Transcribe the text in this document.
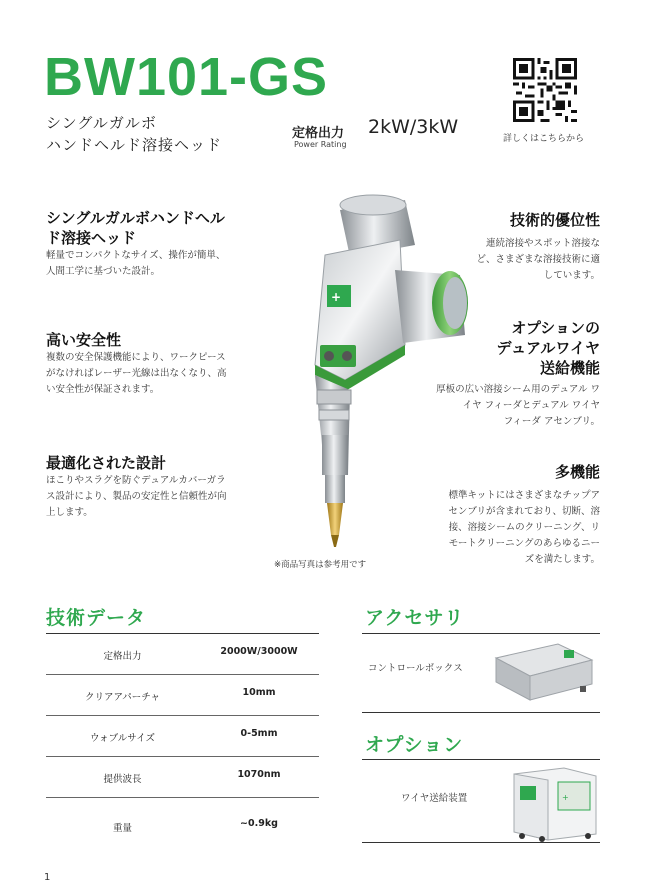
BW101-GS
シングルガルボ
ハンドヘルド溶接ヘッド
定格出力
Power Rating
2kW/3kW
詳しくはこちらから
シングルガルボハンドヘル
ド溶接ヘッド
軽量でコンパクトなサイズ、操作が簡単、
人間工学に基づいた設計。
高い安全性
複数の安全保護機能により、ワークピース
がなければレーザー光線は出なくなり、高
い安全性が保証されます。
最適化された設計
ほこりやスラグを防ぐデュアルカバーガラ
ス設計により、製品の安定性と信頼性が向
上します。
技術的優位性
連続溶接やスポット溶接な
ど、さまざまな溶接技術に適
しています。
オプションの
デュアルワイヤ
送給機能
厚板の広い溶接シーム用のデュアル ワ
イヤ フィーダとデュアル ワイヤ
フィーダ アセンブリ。
多機能
標準キットにはさまざまなチップア
センブリが含まれており、切断、溶
接、溶接シームのクリーニング、リ
モートクリーニングのあらゆるニー
ズを満たします。
+
※商品写真は参考用です
技術データ
定格出力	2000W/3000W
クリアアパーチャ	10mm
ウォブルサイズ	0-5mm
提供波長	1070nm
重量	~0.9kg
アクセサリ
コントロールボックス
オプション
ワイヤ送給装置	+
1
